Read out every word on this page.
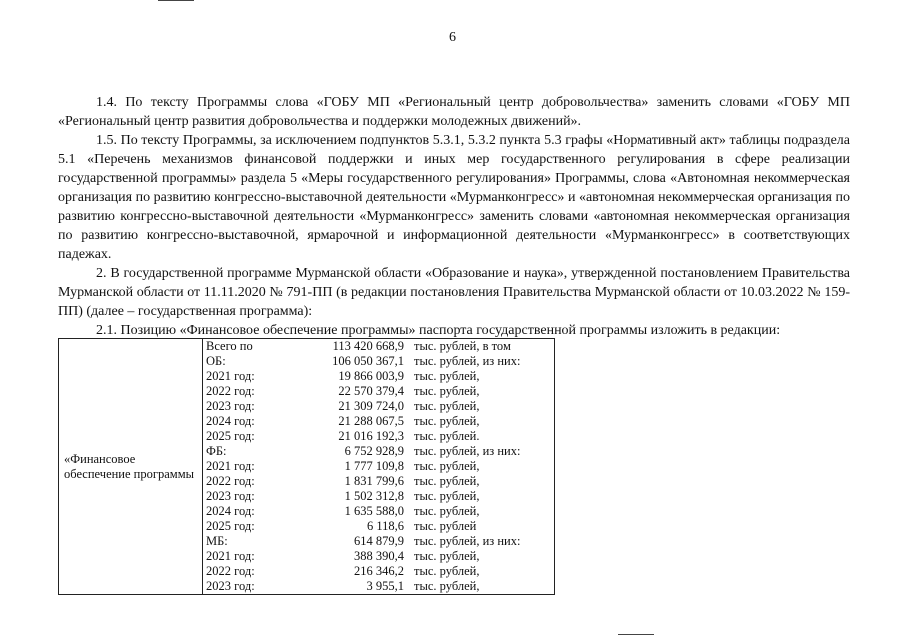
6

1.4. По тексту Программы слова «ГОБУ МП «Региональный центр добровольчества» заменить словами «ГОБУ МП «Региональный центр развития добровольчества и поддержки молодежных движений».

1.5. По тексту Программы, за исключением подпунктов 5.3.1, 5.3.2 пункта 5.3 графы «Нормативный акт» таблицы подраздела 5.1 «Перечень механизмов финансовой поддержки и иных мер государственного регулирования в сфере реализации государственной программы» раздела 5 «Меры государственного регулирования» Программы, слова «Автономная некоммерческая организация по развитию конгрессно-выставочной деятельности «Мурманконгресс» и «автономная некоммерческая организация по развитию конгрессно-выставочной деятельности «Мурманконгресс» заменить словами «автономная некоммерческая организация по развитию конгрессно-выставочной, ярмарочной и информационной деятельности «Мурманконгресс» в соответствующих падежах.

2. В государственной программе Мурманской области «Образование и наука», утвержденной постановлением Правительства Мурманской области от 11.11.2020 № 791-ПП (в редакции постановления Правительства Мурманской области от 10.03.2022 № 159-ПП) (далее – государственная программа):

2.1. Позицию «Финансовое обеспечение программы» паспорта государственной программы изложить в редакции:

«Финансовое обеспечение программы	
Всего по	113 420 668,9	тыс. рублей, в том
ОБ:	106 050 367,1	тыс. рублей, из них:
2021 год:	19 866 003,9	тыс. рублей,
2022 год:	22 570 379,4	тыс. рублей,
2023 год:	21 309 724,0	тыс. рублей,
2024 год:	21 288 067,5	тыс. рублей,
2025 год:	21 016 192,3	тыс. рублей.
ФБ:	6 752 928,9	тыс. рублей, из них:
2021 год:	1 777 109,8	тыс. рублей,
2022 год:	1 831 799,6	тыс. рублей,
2023 год:	1 502 312,8	тыс. рублей,
2024 год:	1 635 588,0	тыс. рублей,
2025 год:	6 118,6	тыс. рублей
МБ:	614 879,9	тыс. рублей, из них:
2021 год:	388 390,4	тыс. рублей,
2022 год:	216 346,2	тыс. рублей,
2023 год:	3 955,1	тыс. рублей,
